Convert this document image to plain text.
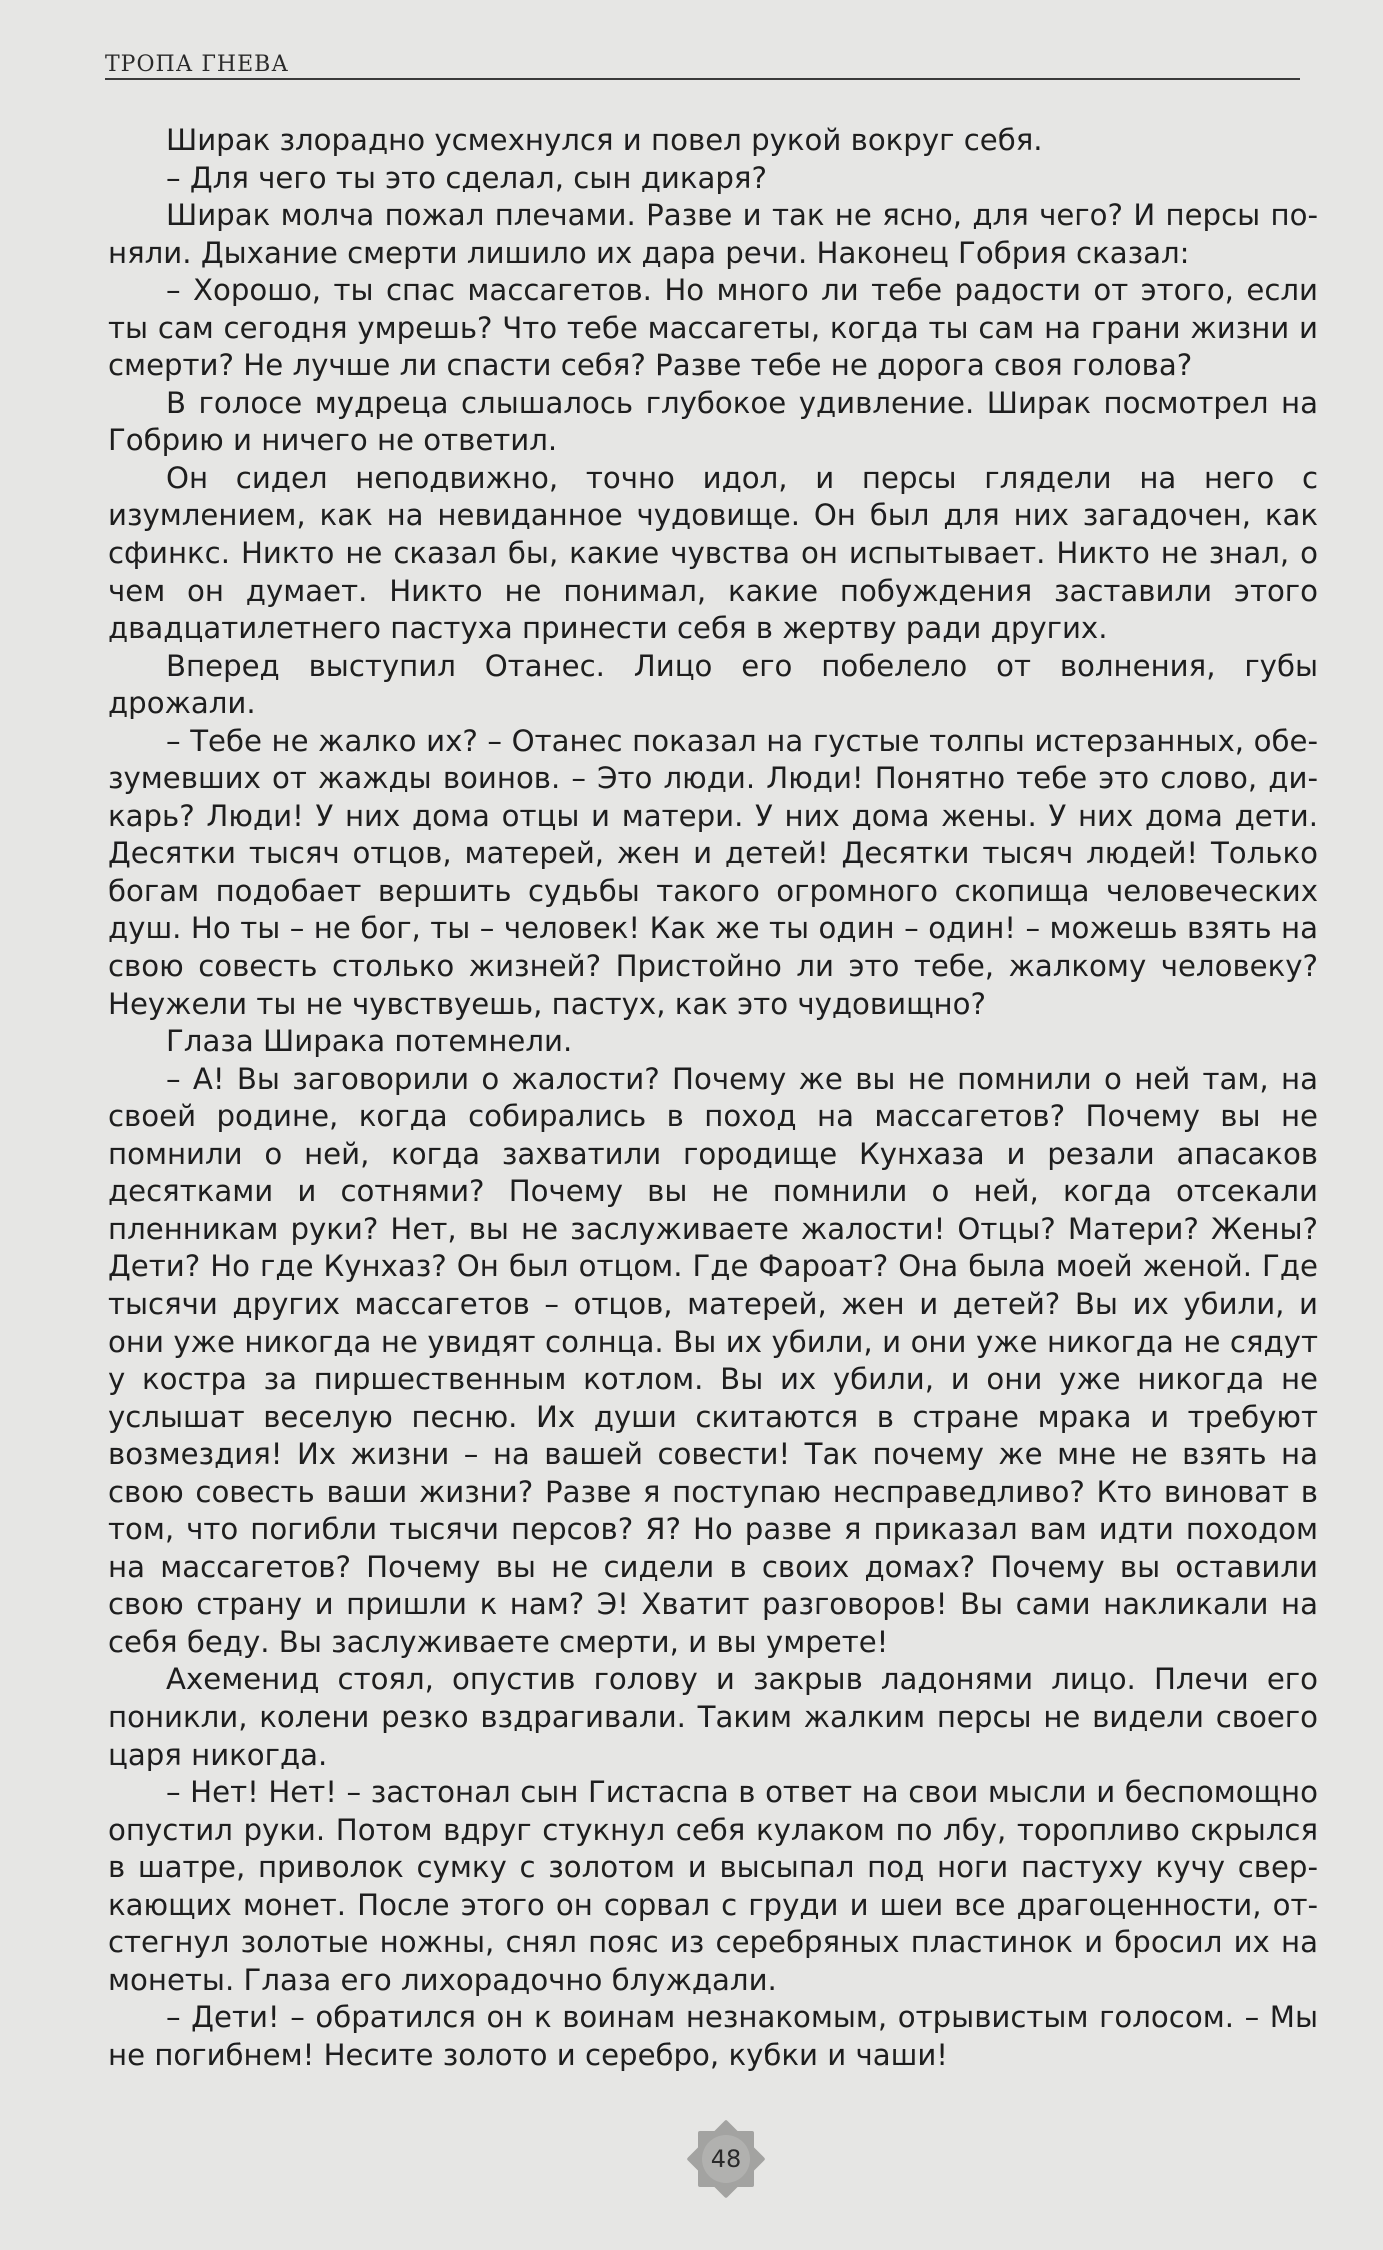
ТРОПА ГНЕВА

Ширак злорадно усмехнулся и повел рукой вокруг себя.

– Для чего ты это сделал, сын дикаря?

Ширак молча пожал плечами. Разве и так не ясно, для чего? И персы поняли. Дыхание смерти лишило их дара речи. Наконец Гобрия сказал:

– Хорошо, ты спас массагетов. Но много ли тебе радости от этого, если ты сам сегодня умрешь? Что тебе массагеты, когда ты сам на грани жизни и смерти? Не лучше ли спасти себя? Разве тебе не дорога своя голова?

В голосе мудреца слышалось глубокое удивление. Ширак посмотрел на Гобрию и ничего не ответил.

Он сидел неподвижно, точно идол, и персы глядели на него с изумлением, как на невиданное чудовище. Он был для них загадочен, как сфинкс. Никто не сказал бы, какие чувства он испытывает. Никто не знал, о чем он думает. Никто не понимал, какие побуждения заставили этого двадцатилетнего пастуха принести себя в жертву ради других.

Вперед выступил Отанес. Лицо его побелело от волнения, губы дрожали.

– Тебе не жалко их? – Отанес показал на густые толпы истерзанных, обезумевших от жажды воинов. – Это люди. Люди! Понятно тебе это слово, дикарь? Люди! У них дома отцы и матери. У них дома жены. У них дома дети. Десятки тысяч отцов, матерей, жен и детей! Десятки тысяч людей! Только богам подобает вершить судьбы такого огромного скопища человеческих душ. Но ты – не бог, ты – человек! Как же ты один – один! – можешь взять на свою совесть столько жизней? Пристойно ли это тебе, жалкому человеку? Неужели ты не чувствуешь, пастух, как это чудовищно?

Глаза Ширака потемнели.

– А! Вы заговорили о жалости? Почему же вы не помнили о ней там, на своей родине, когда собирались в поход на массагетов? Почему вы не помнили о ней, когда захватили городище Кунхаза и резали апасаков десятками и сотнями? Почему вы не помнили о ней, когда отсекали пленникам руки? Нет, вы не заслуживаете жалости! Отцы? Матери? Жены? Дети? Но где Кунхаз? Он был отцом. Где Фароат? Она была моей женой. Где тысячи других массагетов – отцов, матерей, жен и детей? Вы их убили, и они уже никогда не увидят солнца. Вы их убили, и они уже никогда не сядут у костра за пиршественным котлом. Вы их убили, и они уже никогда не услышат веселую песню. Их души скитаются в стране мрака и требуют возмездия! Их жизни – на вашей совести! Так почему же мне не взять на свою совесть ваши жизни? Разве я поступаю несправедливо? Кто виноват в том, что погибли тысячи персов? Я? Но разве я приказал вам идти походом на массагетов? Почему вы не сидели в своих домах? Почему вы оставили свою страну и пришли к нам? Э! Хватит разговоров! Вы сами накликали на себя беду. Вы заслуживаете смерти, и вы умрете!

Ахеменид стоял, опустив голову и закрыв ладонями лицо. Плечи его поникли, колени резко вздрагивали. Таким жалким персы не видели своего царя никогда.

– Нет! Нет! – застонал сын Гистаспа в ответ на свои мысли и беспомощно опустил руки. Потом вдруг стукнул себя кулаком по лбу, торопливо скрылся в шатре, приволок сумку с золотом и высыпал под ноги пастуху кучу сверкающих монет. После этого он сорвал с груди и шеи все драгоценности, отстегнул золотые ножны, снял пояс из серебряных пластинок и бросил их на монеты. Глаза его лихорадочно блуждали.

– Дети! – обратился он к воинам незнакомым, отрывистым голосом. – Мы не погибнем! Несите золото и серебро, кубки и чаши!

48
